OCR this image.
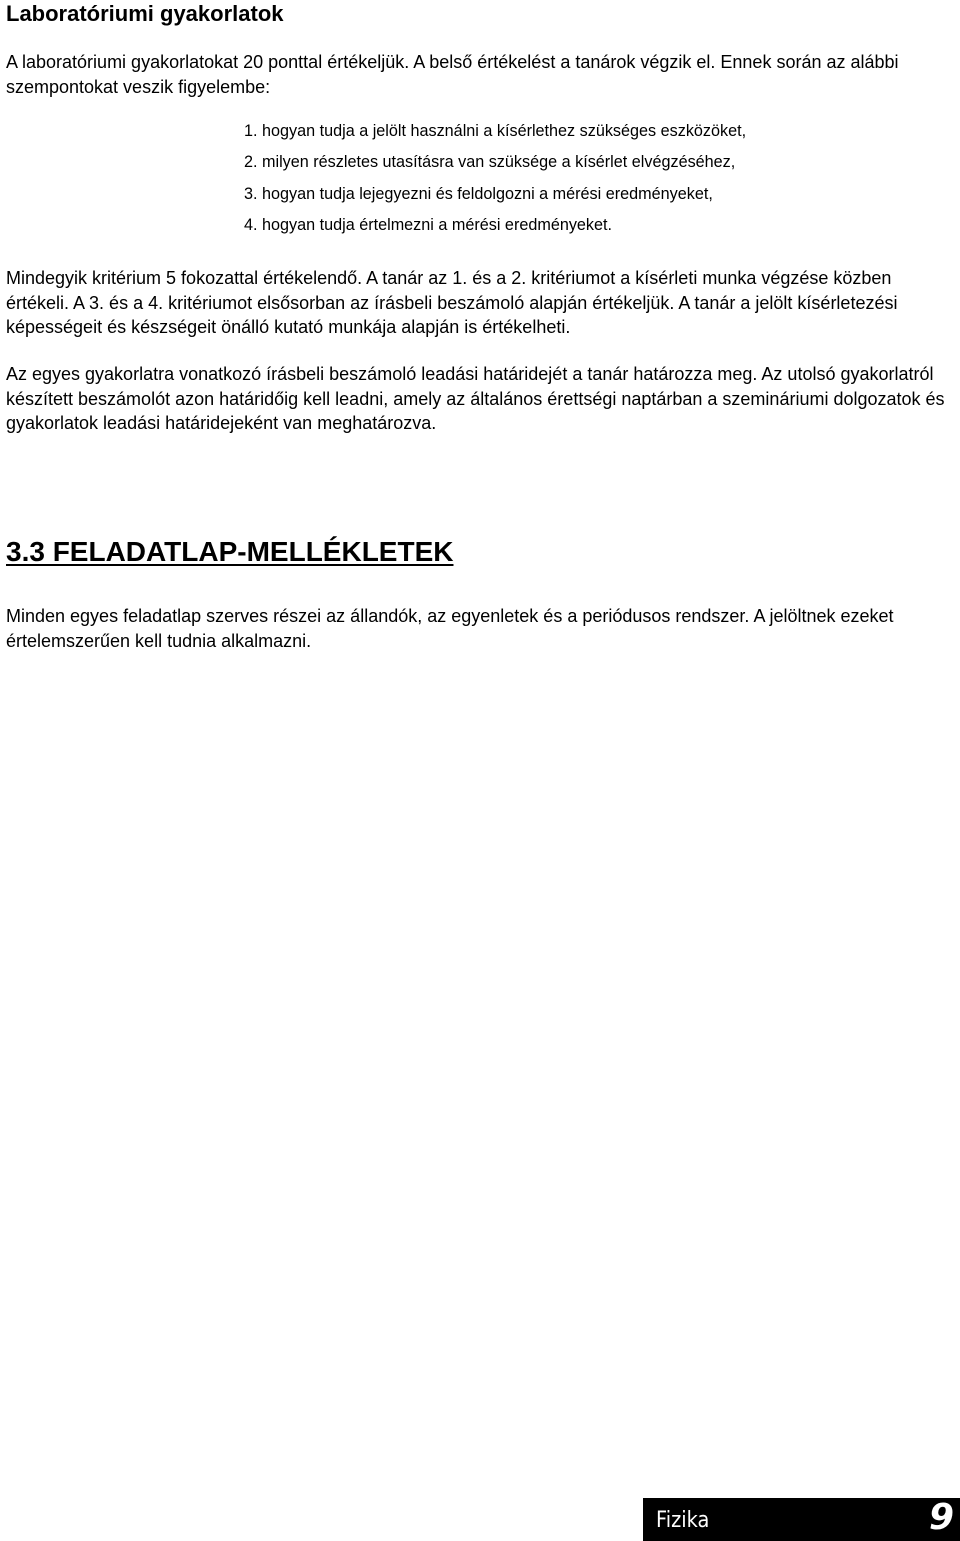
Laboratóriumi gyakorlatok

A laboratóriumi gyakorlatokat 20 ponttal értékeljük. A belső értékelést a tanárok végzik el. Ennek során az alábbi szempontokat veszik figyelembe:

1. hogyan tudja a jelölt használni a kísérlethez szükséges eszközöket,
2. milyen részletes utasításra van szüksége a kísérlet elvégzéséhez,
3. hogyan tudja lejegyezni és feldolgozni a mérési eredményeket,
4. hogyan tudja értelmezni a mérési eredményeket.

Mindegyik kritérium 5 fokozattal értékelendő. A tanár az 1. és a 2. kritériumot a kísérleti munka végzése közben értékeli. A 3. és a 4. kritériumot elsősorban az írásbeli beszámoló alapján értékeljük. A tanár a jelölt kísérletezési képességeit és készségeit önálló kutató munkája alapján is értékelheti.

Az egyes gyakorlatra vonatkozó írásbeli beszámoló leadási határidejét a tanár határozza meg. Az utolsó gyakorlatról készített beszámolót azon határidőig kell leadni, amely az általános érettségi naptárban a szemináriumi dolgozatok és gyakorlatok leadási határidejeként van meghatározva.

3.3 FELADATLAP-MELLÉKLETEK

Minden egyes feladatlap szerves részei az állandók, az egyenletek és a periódusos rendszer. A jelöltnek ezeket értelemszerűen kell tudnia alkalmazni.

Fizika	9
